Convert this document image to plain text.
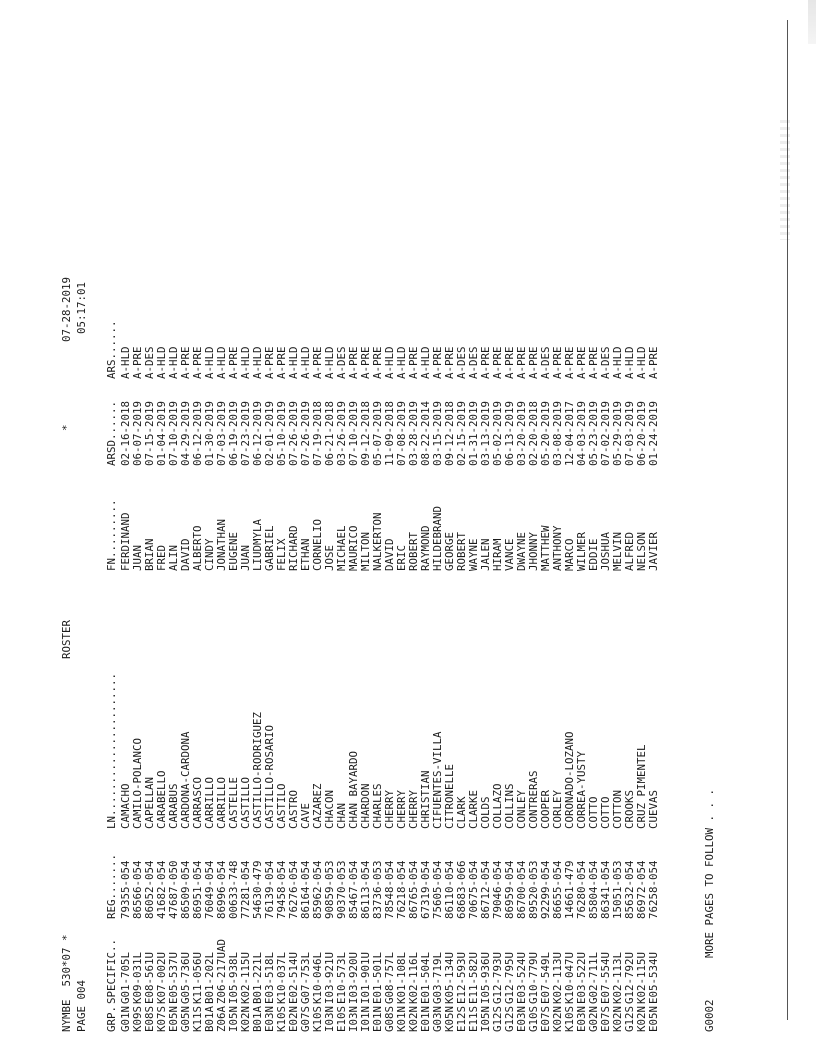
NYMBE  530*07 * PAGE 004
ROSTER
*
07-28-2019 05:17:01
GRP.
SPECIFIC..
REG.......
LN......................
FN.........
ARSD......
ARS......
G01N
G01-705L
79355-054
CAMACHO
FERDINAND
02-16-2018
A-HLD
K09S
K09-031L
86566-054
CAMILO-POLANCO
JUAN
06-07-2019
A-PRE
E08S
E08-561U
86052-054
CAPELLAN
BRIAN
07-15-2019
A-DES
K07S
K07-002U
41682-054
CARABELLO
FRED
01-04-2019
A-HLD
E05N
E05-537U
47687-050
CARABUS
ALIN
07-10-2019
A-HLD
G05N
G05-736U
86509-054
CARDONA-CARDONA
DAVID
04-29-2019
A-PRE
K11S
K11-056U
86951-054
CARRASCO
ALBERTO
06-12-2019
A-PRE
B01A
B01-202L
76049-054
CARRILLO
CINDY
01-30-2019
A-HLD
Z06A
Z06-217UAD
86996-054
CARRILLO
JONATHAN
07-03-2019
A-HLD
I05N
I05-938L
00633-748
CASTELLE
EUGENE
06-19-2019
A-PRE
K02N
K02-115U
77281-054
CASTILLO
JUAN
07-23-2019
A-HLD
B01A
B01-221L
54630-479
CASTILLO-RODRIGUEZ
LIUDMYLA
06-12-2019
A-HLD
E03N
E03-518L
76139-054
CASTILLO-ROSARIO
GABRIEL
02-01-2019
A-PRE
K10S
K10-037L
79458-054
CASTILO
FELIX
05-10-2019
A-PRE
E02N
E02-514U
76276-054
CASTRO
RICHARD
07-26-2019
A-HLD
G07S
G07-753L
86164-054
CAVE
ETHAN
07-26-2019
A-HLD
K10S
K10-046L
85962-054
CAZAREZ
CORNELIO
07-19-2018
A-PRE
I03N
I03-921U
90859-053
CHACON
JOSE
06-21-2018
A-HLD
E10S
E10-573L
90370-053
CHAN
MICHAEL
03-26-2019
A-DES
I03N
I03-920U
85467-054
CHAN BAYARDO
MAURICO
07-10-2019
A-PRE
I01N
I01-901U
86113-054
CHARDON
MILTON
09-12-2018
A-PRE
E01N
E01-501L
83736-053
CHARLES
NALKERTON
05-07-2019
A-PRE
G08S
G08-757L
78548-054
CHERRY
DAVID
11-09-2018
A-HLD
K01N
K01-108L
76218-054
CHERRY
ERIC
07-08-2019
A-HLD
K02N
K02-116L
86765-054
CHERRY
ROBERT
03-28-2019
A-PRE
E01N
E01-504L
67319-054
CHRISTIAN
RAYMOND
08-22-2014
A-HLD
G03N
G03-719L
75605-054
CIFUENTES-VILLA
HILDEBRAND
03-15-2019
A-PRE
K05N
K05-134U
86110-054
CITRONELLE
GEORGE
09-12-2018
A-PRE
E12S
E12-593U
68683-066
CLARK
ROBERT
02-15-2019
A-DES
E11S
E11-582U
70675-054
CLARKE
WAYNE
01-31-2019
A-DES
I05N
I05-936U
86712-054
COLDS
JALEN
03-13-2019
A-PRE
G12S
G12-793U
79046-054
COLLAZO
HIRAM
05-02-2019
A-PRE
G12S
G12-795U
86959-054
COLLINS
VANCE
06-13-2019
A-PRE
E03N
E03-524U
86700-054
CONLEY
DWAYNE
03-20-2019
A-PRE
G10S
G10-779U
89520-053
CONTRERAS
JHONNY
02-20-2018
A-PRE
E07S
E07-549L
92299-054
COOPER
MATTHEW
05-20-2019
A-DES
K02N
K02-113U
86655-054
CORLEY
ANTHONY
03-08-2019
A-PRE
K10S
K10-047U
14661-479
CORONADO-LOZANO
MARCO
12-04-2017
A-PRE
E03N
E03-522U
76280-054
CORREA-YUSTY
WILMER
04-03-2019
A-PRE
G02N
G02-711L
85804-054
COTTO
EDDIE
05-23-2019
A-PRE
E07S
E07-554U
86341-054
COTTO
JOSHUA
07-02-2019
A-DES
K02N
K02-113L
15051-053
COTTON
MELVIN
05-29-2019
A-HLD
G12S
G12-792U
85632-054
CROOKS
ALFRED
07-03-2019
A-HLD
K02N
K02-115U
86972-054
CRUZ PIMENTEL
NELSON
06-20-2019
A-HLD
E05N
E05-534U
76258-054
CUEVAS
JAVIER
01-24-2019
A-PRE
G0002
MORE PAGES TO FOLLOW . . .
